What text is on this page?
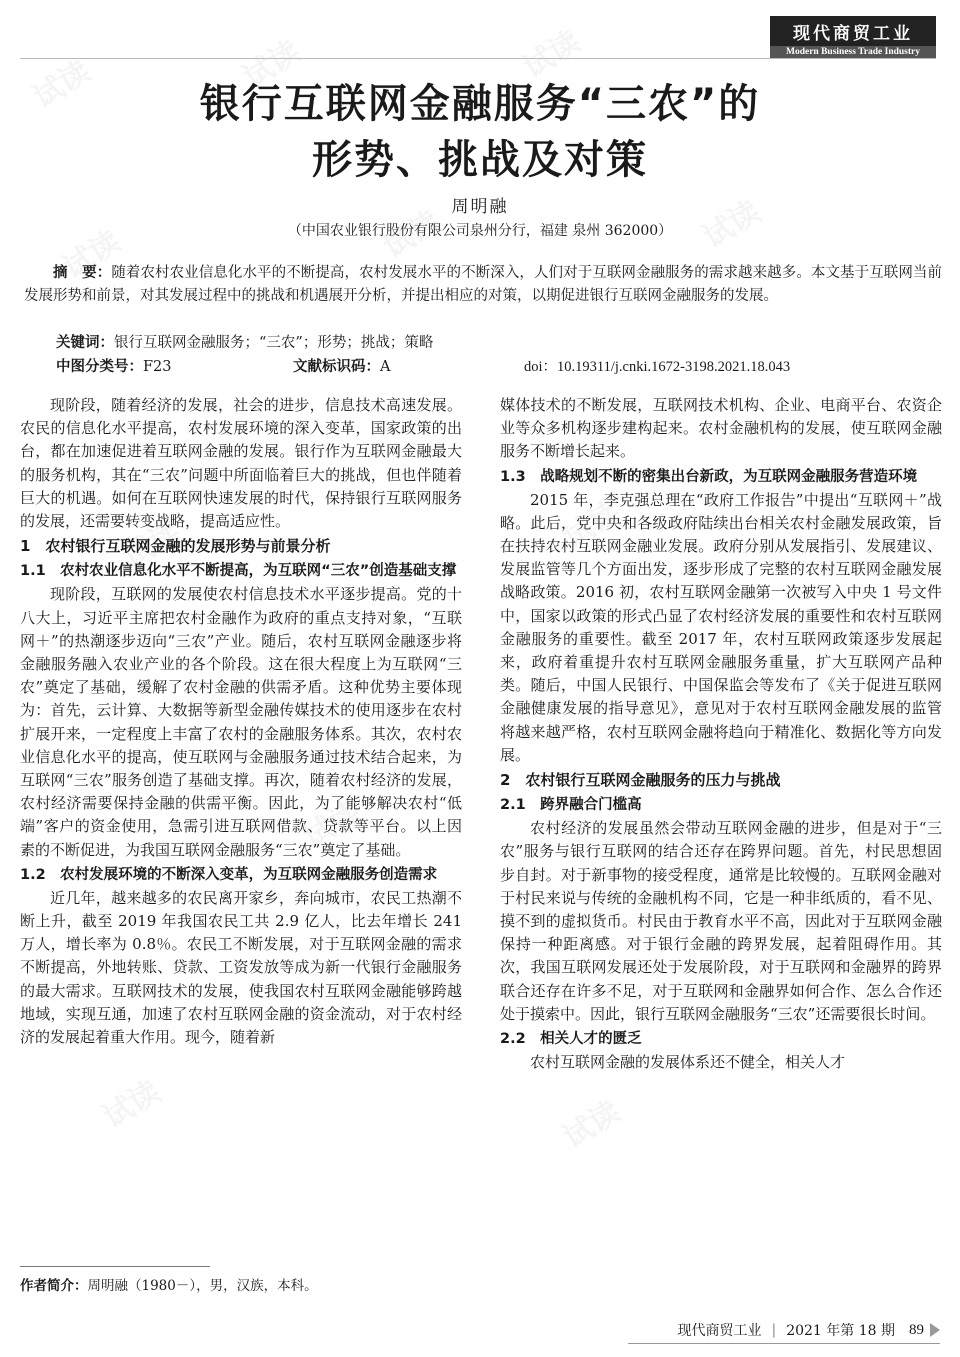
现代商贸工业
Modern Business Trade Industry
银行互联网金融服务“三农”的
形势、挑战及对策
周明融
（中国农业银行股份有限公司泉州分行，福建 泉州 362000）

摘　要：随着农村农业信息化水平的不断提高，农村发展水平的不断深入，人们对于互联网金融服务的需求越来越多。本文基于互联网当前发展形势和前景，对其发展过程中的挑战和机遇展开分析，并提出相应的对策，以期促进银行互联网金融服务的发展。

关键词：银行互联网金融服务；“三农”；形势；挑战；策略
中图分类号：F23	文献标识码：A	doi：10.19311/j.cnki.1672-3198.2021.18.043

现阶段，随着经济的发展，社会的进步，信息技术高速发展。农民的信息化水平提高，农村发展环境的深入变革，国家政策的出台，都在加速促进着互联网金融的发展。银行作为互联网金融最大的服务机构，其在“三农”问题中所面临着巨大的挑战，但也伴随着巨大的机遇。如何在互联网快速发展的时代，保持银行互联网服务的发展，还需要转变战略，提高适应性。

1　农村银行互联网金融的发展形势与前景分析
1.1　农村农业信息化水平不断提高，为互联网“三农”创造基础支撑

现阶段，互联网的发展使农村信息技术水平逐步提高。党的十八大上，习近平主席把农村金融作为政府的重点支持对象，“互联网＋”的热潮逐步迈向“三农”产业。随后，农村互联网金融逐步将金融服务融入农业产业的各个阶段。这在很大程度上为互联网“三农”奠定了基础，缓解了农村金融的供需矛盾。这种优势主要体现为：首先，云计算、大数据等新型金融传媒技术的使用逐步在农村扩展开来，一定程度上丰富了农村的金融服务体系。其次，农村农业信息化水平的提高，使互联网与金融服务通过技术结合起来，为互联网“三农”服务创造了基础支撑。再次，随着农村经济的发展，农村经济需要保持金融的供需平衡。因此，为了能够解决农村“低端”客户的资金使用，急需引进互联网借款、贷款等平台。以上因素的不断促进，为我国互联网金融服务“三农”奠定了基础。

1.2　农村发展环境的不断深入变革，为互联网金融服务创造需求

近几年，越来越多的农民离开家乡，奔向城市，农民工热潮不断上升，截至 2019 年我国农民工共 2.9 亿人，比去年增长 241 万人，增长率为 0.8％。农民工不断发展，对于互联网金融的需求不断提高，外地转账、贷款、工资发放等成为新一代银行金融服务的最大需求。互联网技术的发展，使我国农村互联网金融能够跨越地域，实现互通，加速了农村互联网金融的资金流动，对于农村经济的发展起着重大作用。现今，随着新

媒体技术的不断发展，互联网技术机构、企业、电商平台、农资企业等众多机构逐步建构起来。农村金融机构的发展，使互联网金融服务不断增长起来。

1.3　战略规划不断的密集出台新政，为互联网金融服务营造环境

2015 年，李克强总理在“政府工作报告”中提出“互联网＋”战略。此后，党中央和各级政府陆续出台相关农村金融发展政策，旨在扶持农村互联网金融业发展。政府分别从发展指引、发展建议、发展监管等几个方面出发，逐步形成了完整的农村互联网金融发展战略政策。2016 初，农村互联网金融第一次被写入中央 1 号文件中，国家以政策的形式凸显了农村经济发展的重要性和农村互联网金融服务的重要性。截至 2017 年，农村互联网政策逐步发展起来，政府着重提升农村互联网金融服务重量，扩大互联网产品种类。随后，中国人民银行、中国保监会等发布了《关于促进互联网金融健康发展的指导意见》，意见对于农村互联网金融发展的监管将越来越严格，农村互联网金融将趋向于精准化、数据化等方向发展。

2　农村银行互联网金融服务的压力与挑战
2.1　跨界融合门槛高

农村经济的发展虽然会带动互联网金融的进步，但是对于“三农”服务与银行互联网的结合还存在跨界问题。首先，村民思想固步自封。对于新事物的接受程度，通常是比较慢的。互联网金融对于村民来说与传统的金融机构不同，它是一种非纸质的，看不见、摸不到的虚拟货币。村民由于教育水平不高，因此对于互联网金融保持一种距离感。对于银行金融的跨界发展，起着阻碍作用。其次，我国互联网发展还处于发展阶段，对于互联网和金融界的跨界联合还存在许多不足，对于互联网和金融界如何合作、怎么合作还处于摸索中。因此，银行互联网金融服务“三农”还需要很长时间。

2.2　相关人才的匮乏

农村互联网金融的发展体系还不健全，相关人才

作者简介：周明融（1980－），男，汉族，本科。
现代商贸工业 | 2021 年第 18 期 89
